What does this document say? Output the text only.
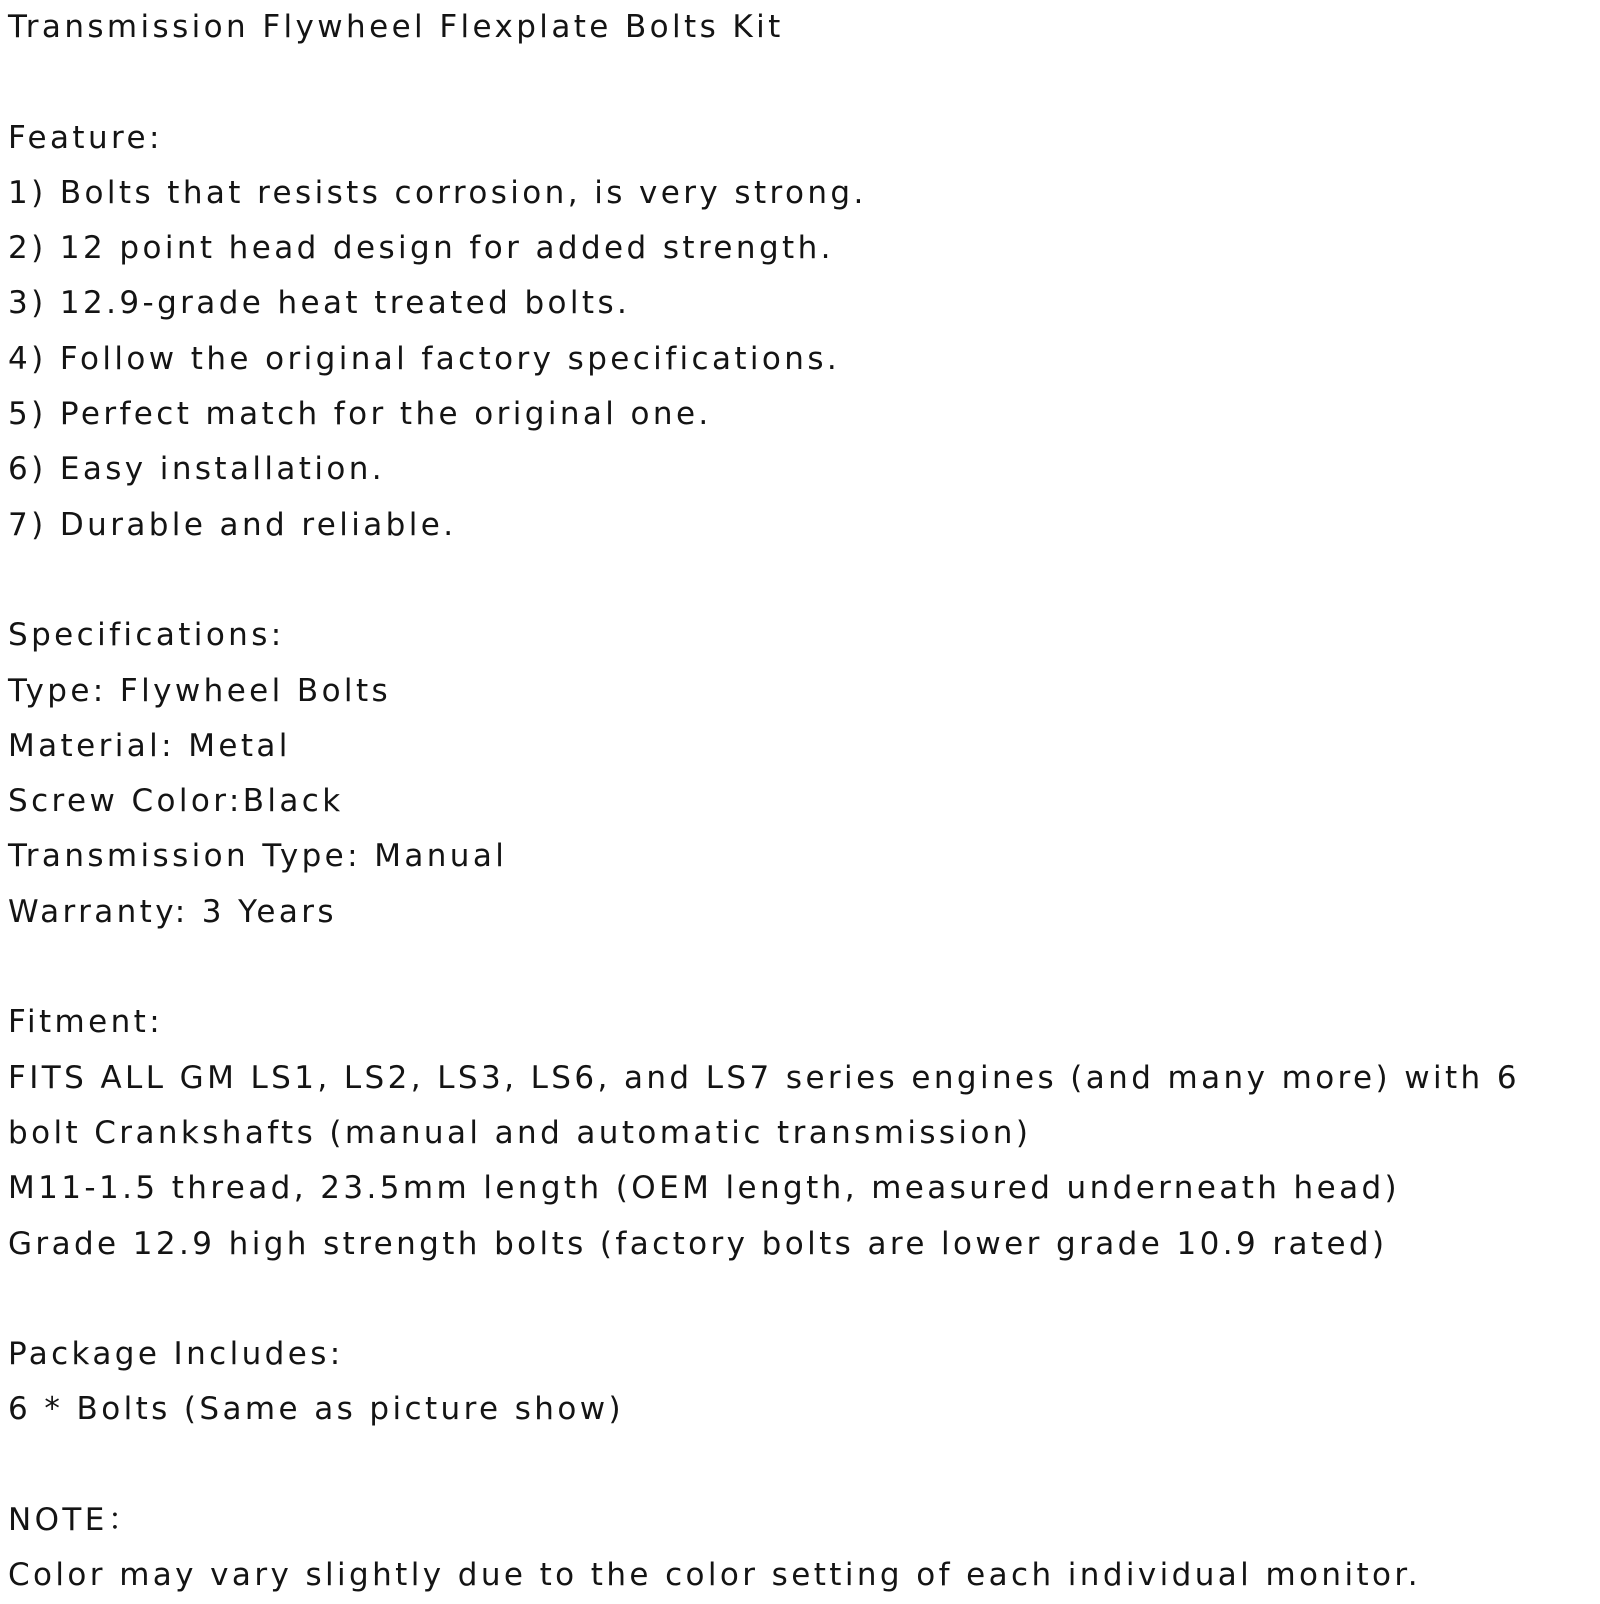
Transmission Flywheel Flexplate Bolts Kit
Feature:
1) Bolts that resists corrosion, is very strong.
2) 12 point head design for added strength.
3) 12.9-grade heat treated bolts.
4) Follow the original factory specifications.
5) Perfect match for the original one.
6) Easy installation.
7) Durable and reliable.
Specifications:
Type: Flywheel Bolts
Material: Metal
Screw Color:Black
Transmission Type: Manual
Warranty: 3 Years
Fitment:
FITS ALL GM LS1, LS2, LS3, LS6, and LS7 series engines (and many more) with 6
bolt Crankshafts (manual and automatic transmission)
M11-1.5 thread, 23.5mm length (OEM length, measured underneath head)
Grade 12.9 high strength bolts (factory bolts are lower grade 10.9 rated)
Package Includes:
6 * Bolts (Same as picture show)
NOTE：
Color may vary slightly due to the color setting of each individual monitor.
